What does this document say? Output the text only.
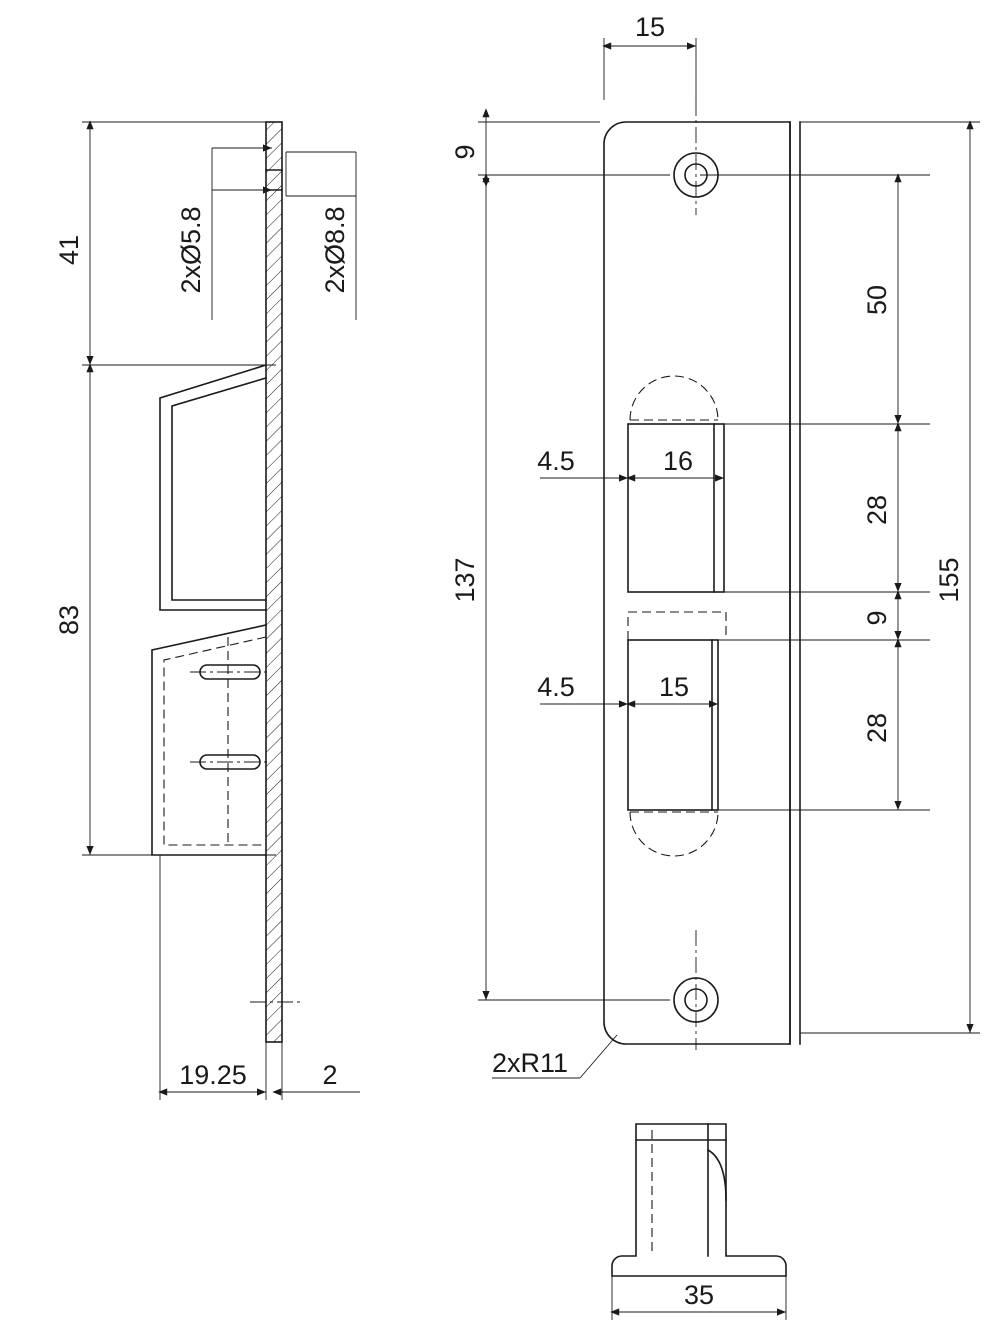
41
83
2xØ5.8	2xØ8.8
19.25	2
15
9
137	155
50
28
9
28
4.5	16
4.5	15
2xR11
35
